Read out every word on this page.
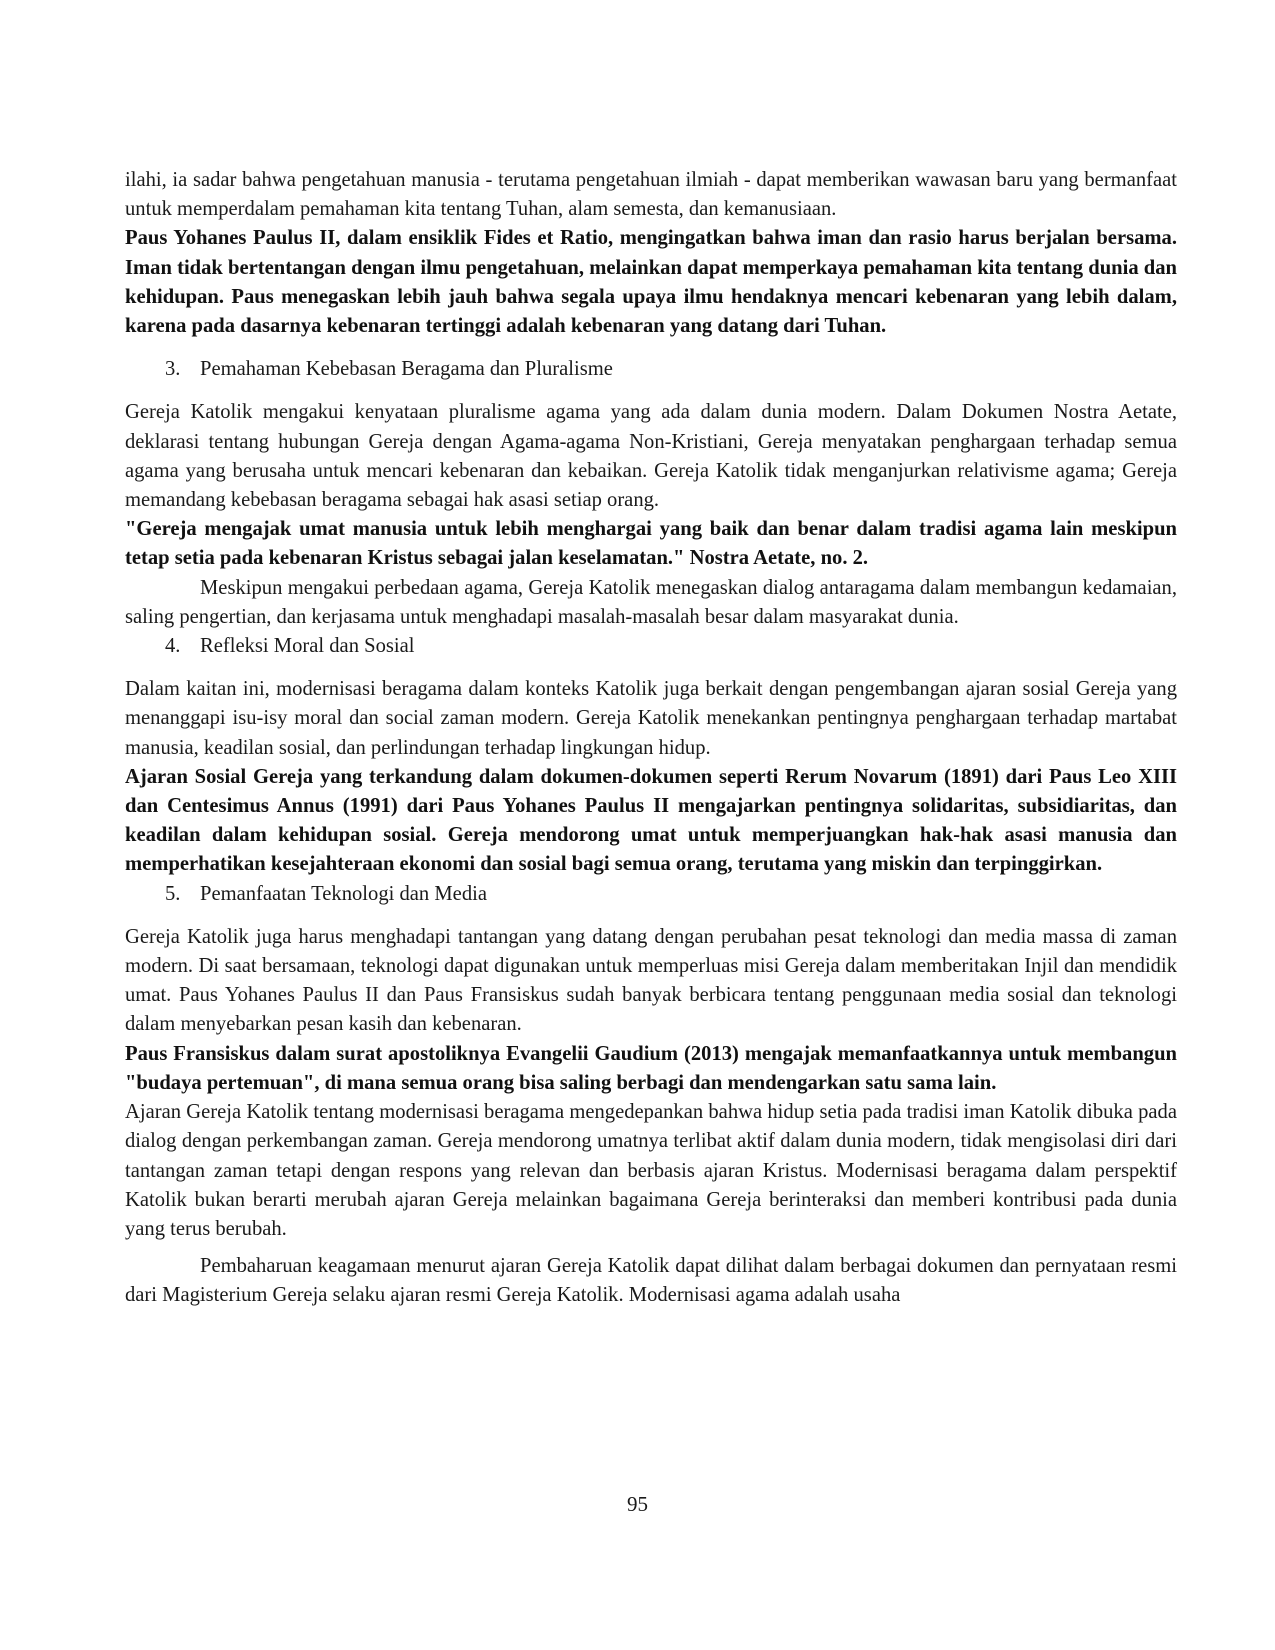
ilahi, ia sadar bahwa pengetahuan manusia - terutama pengetahuan ilmiah - dapat memberikan wawasan baru yang bermanfaat untuk memperdalam pemahaman kita tentang Tuhan, alam semesta, dan kemanusiaan.

Paus Yohanes Paulus II, dalam ensiklik Fides et Ratio, mengingatkan bahwa iman dan rasio harus berjalan bersama. Iman tidak bertentangan dengan ilmu pengetahuan, melainkan dapat memperkaya pemahaman kita tentang dunia dan kehidupan. Paus menegaskan lebih jauh bahwa segala upaya ilmu hendaknya mencari kebenaran yang lebih dalam, karena pada dasarnya kebenaran tertinggi adalah kebenaran yang datang dari Tuhan.

3. Pemahaman Kebebasan Beragama dan Pluralisme

Gereja Katolik mengakui kenyataan pluralisme agama yang ada dalam dunia modern. Dalam Dokumen Nostra Aetate, deklarasi tentang hubungan Gereja dengan Agama-agama Non-Kristiani, Gereja menyatakan penghargaan terhadap semua agama yang berusaha untuk mencari kebenaran dan kebaikan. Gereja Katolik tidak menganjurkan relativisme agama; Gereja memandang kebebasan beragama sebagai hak asasi setiap orang.

"Gereja mengajak umat manusia untuk lebih menghargai yang baik dan benar dalam tradisi agama lain meskipun tetap setia pada kebenaran Kristus sebagai jalan keselamatan." Nostra Aetate, no. 2.

Meskipun mengakui perbedaan agama, Gereja Katolik menegaskan dialog antaragama dalam membangun kedamaian, saling pengertian, dan kerjasama untuk menghadapi masalah-masalah besar dalam masyarakat dunia.

4. Refleksi Moral dan Sosial

Dalam kaitan ini, modernisasi beragama dalam konteks Katolik juga berkait dengan pengembangan ajaran sosial Gereja yang menanggapi isu-isy moral dan social zaman modern. Gereja Katolik menekankan pentingnya penghargaan terhadap martabat manusia, keadilan sosial, dan perlindungan terhadap lingkungan hidup.

Ajaran Sosial Gereja yang terkandung dalam dokumen-dokumen seperti Rerum Novarum (1891) dari Paus Leo XIII dan Centesimus Annus (1991) dari Paus Yohanes Paulus II mengajarkan pentingnya solidaritas, subsidiaritas, dan keadilan dalam kehidupan sosial. Gereja mendorong umat untuk memperjuangkan hak-hak asasi manusia dan memperhatikan kesejahteraan ekonomi dan sosial bagi semua orang, terutama yang miskin dan terpinggirkan.

5. Pemanfaatan Teknologi dan Media

Gereja Katolik juga harus menghadapi tantangan yang datang dengan perubahan pesat teknologi dan media massa di zaman modern. Di saat bersamaan, teknologi dapat digunakan untuk memperluas misi Gereja dalam memberitakan Injil dan mendidik umat. Paus Yohanes Paulus II dan Paus Fransiskus sudah banyak berbicara tentang penggunaan media sosial dan teknologi dalam menyebarkan pesan kasih dan kebenaran.

Paus Fransiskus dalam surat apostoliknya Evangelii Gaudium (2013) mengajak memanfaatkannya untuk membangun "budaya pertemuan", di mana semua orang bisa saling berbagi dan mendengarkan satu sama lain.

Ajaran Gereja Katolik tentang modernisasi beragama mengedepankan bahwa hidup setia pada tradisi iman Katolik dibuka pada dialog dengan perkembangan zaman. Gereja mendorong umatnya terlibat aktif dalam dunia modern, tidak mengisolasi diri dari tantangan zaman tetapi dengan respons yang relevan dan berbasis ajaran Kristus. Modernisasi beragama dalam perspektif Katolik bukan berarti merubah ajaran Gereja melainkan bagaimana Gereja berinteraksi dan memberi kontribusi pada dunia yang terus berubah.

Pembaharuan keagamaan menurut ajaran Gereja Katolik dapat dilihat dalam berbagai dokumen dan pernyataan resmi dari Magisterium Gereja selaku ajaran resmi Gereja Katolik. Modernisasi agama adalah usaha

95
